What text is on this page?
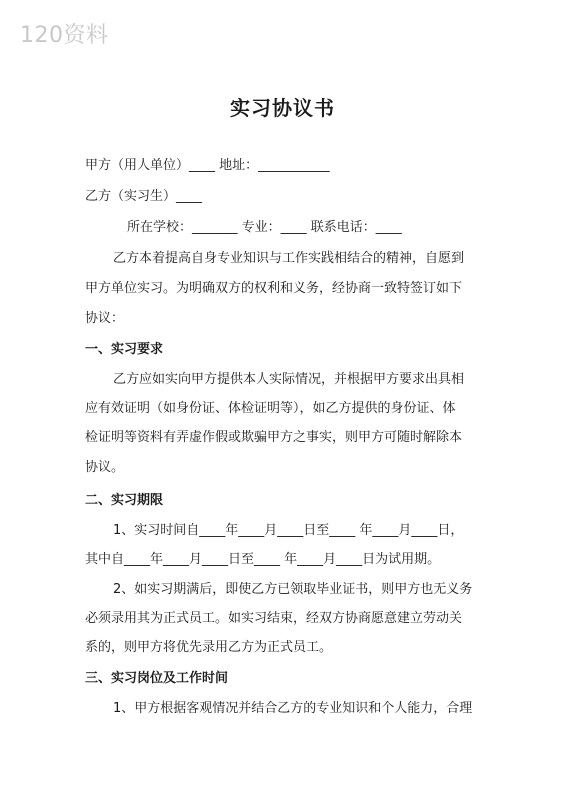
120资料
实习协议书
甲方（用人单位）____ 地址：___________
乙方（实习生）____
所在学校：_______ 专业：____ 联系电话：____
乙方本着提高自身专业知识与工作实践相结合的精神，自愿到
甲方单位实习。为明确双方的权利和义务，经协商一致特签订如下
协议：
一、实习要求
乙方应如实向甲方提供本人实际情况，并根据甲方要求出具相
应有效证明（如身份证、体检证明等），如乙方提供的身份证、体
检证明等资料有弄虚作假或欺骗甲方之事实，则甲方可随时解除本
协议。
二、实习期限
1、实习时间自____年____月____日至____ 年____月____日，
其中自____年____月____日至____ 年____月____日为试用期。
2、如实习期满后，即使乙方已领取毕业证书，则甲方也无义务
必须录用其为正式员工。如实习结束，经双方协商愿意建立劳动关
系的，则甲方将优先录用乙方为正式员工。
三、实习岗位及工作时间
1、甲方根据客观情况并结合乙方的专业知识和个人能力，合理
